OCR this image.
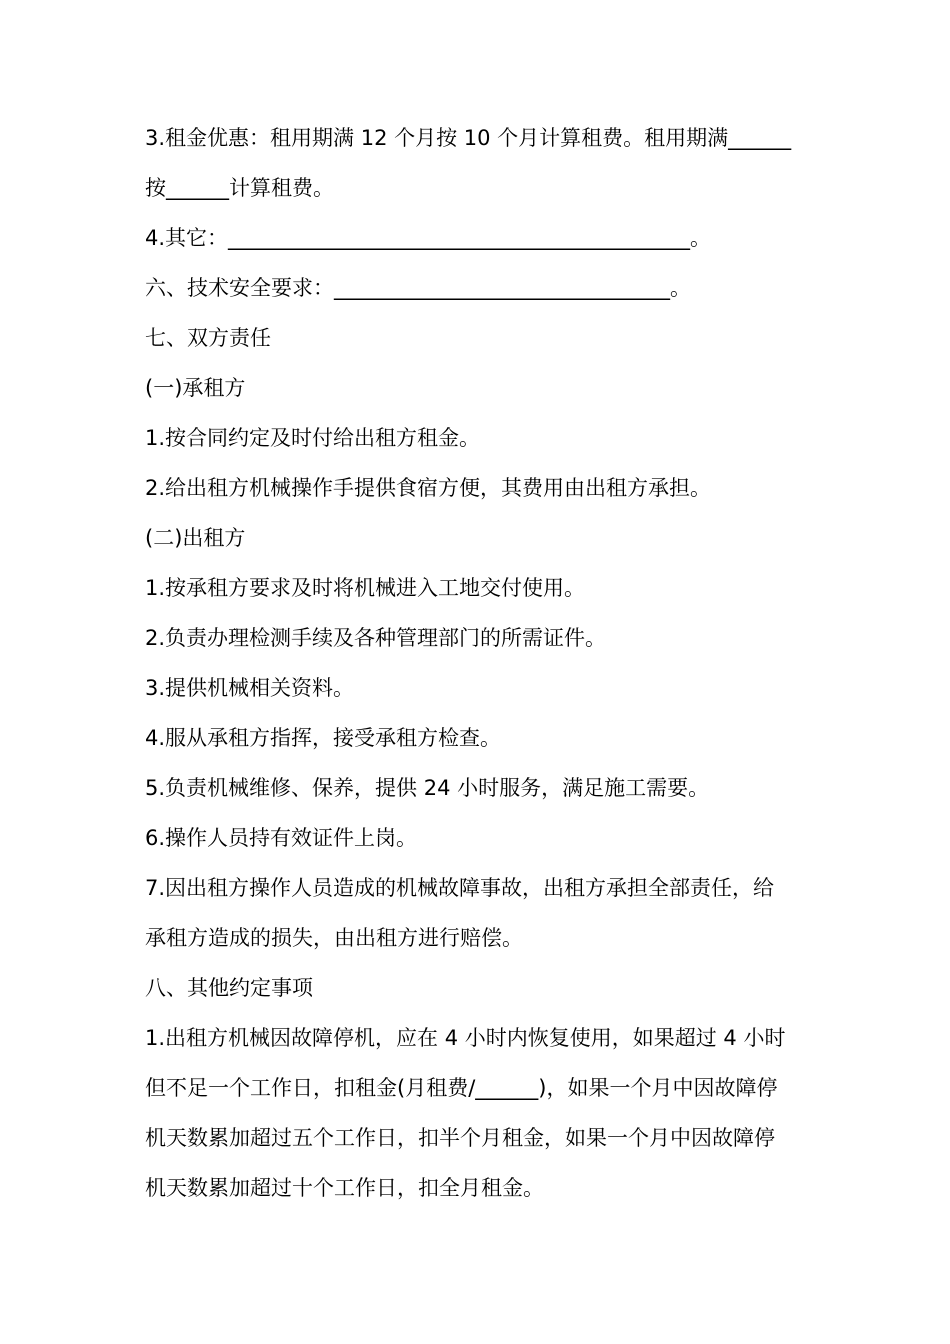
3.租金优惠：租用期满 12 个月按 10 个月计算租费。租用期满______
按______计算租费。
4.其它：____________________________________________。
六、技术安全要求：________________________________。
七、双方责任
(一)承租方
1.按合同约定及时付给出租方租金。
2.给出租方机械操作手提供食宿方便，其费用由出租方承担。
(二)出租方
1.按承租方要求及时将机械进入工地交付使用。
2.负责办理检测手续及各种管理部门的所需证件。
3.提供机械相关资料。
4.服从承租方指挥，接受承租方检查。
5.负责机械维修、保养，提供 24 小时服务，满足施工需要。
6.操作人员持有效证件上岗。
7.因出租方操作人员造成的机械故障事故，出租方承担全部责任，给
承租方造成的损失，由出租方进行赔偿。
八、其他约定事项
1.出租方机械因故障停机，应在 4 小时内恢复使用，如果超过 4 小时
但不足一个工作日，扣租金(月租费/______)，如果一个月中因故障停
机天数累加超过五个工作日，扣半个月租金，如果一个月中因故障停
机天数累加超过十个工作日，扣全月租金。
